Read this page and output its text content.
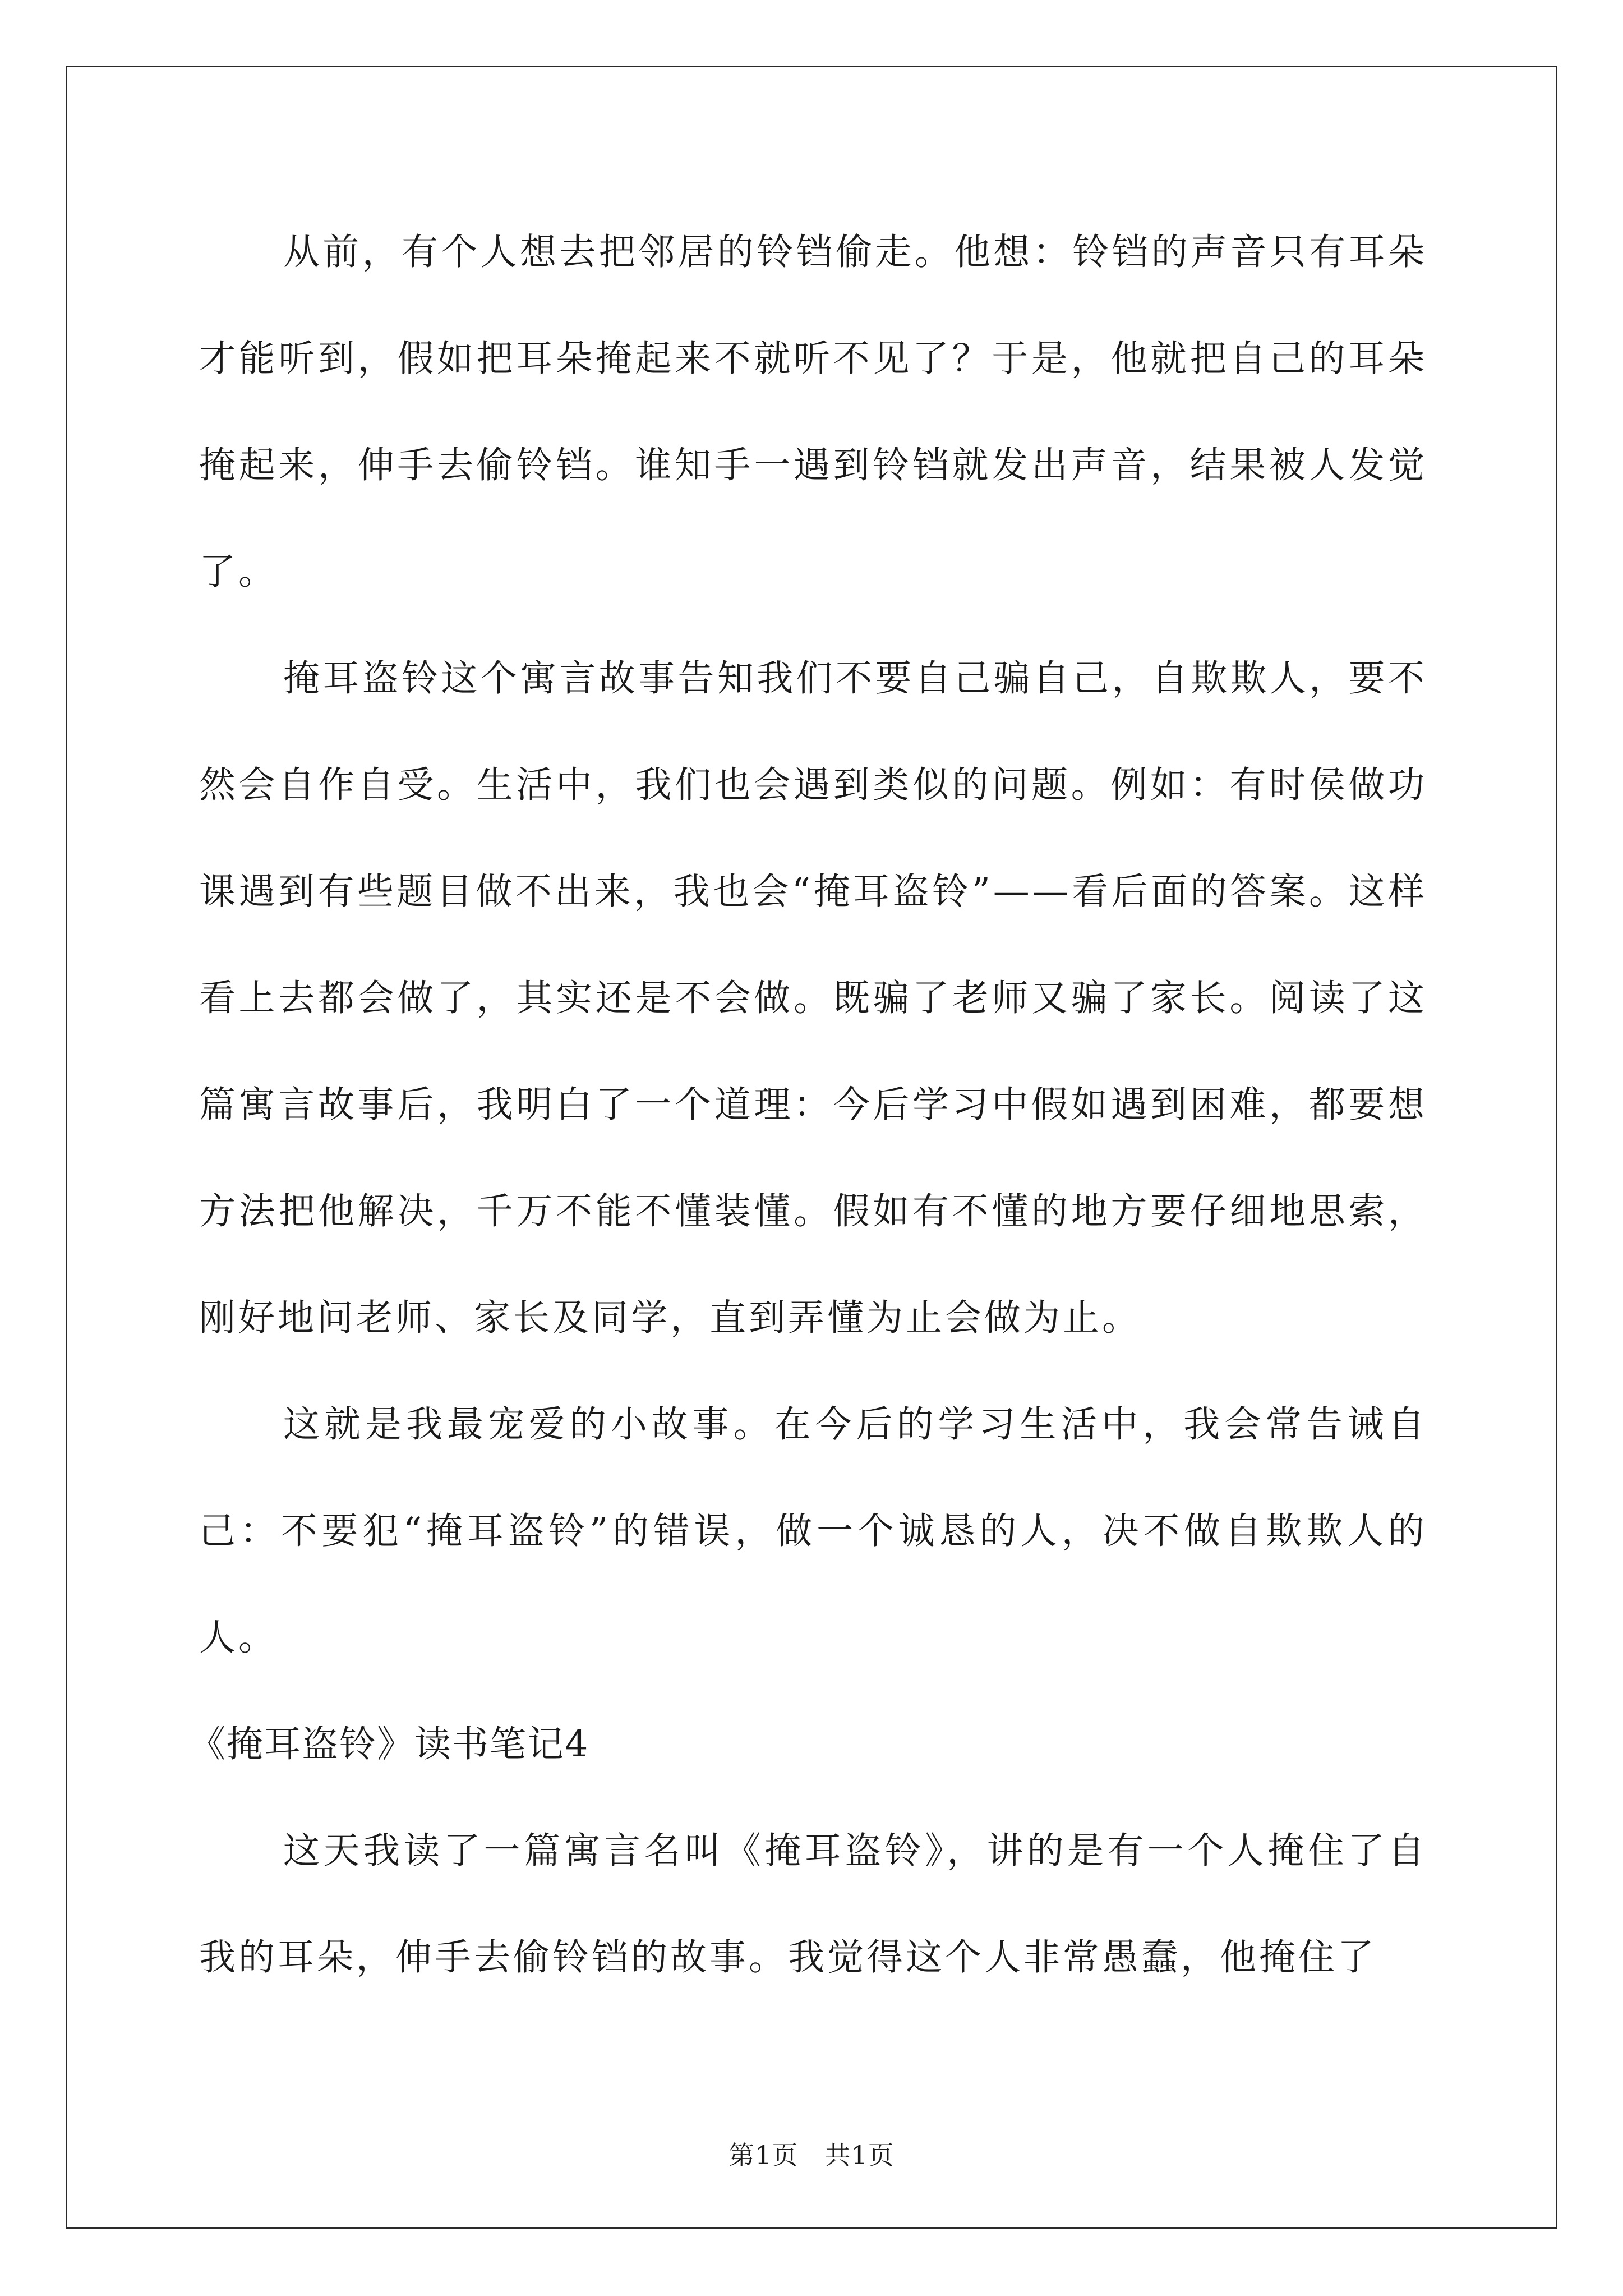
从前，有个人想去把邻居的铃铛偷走。他想：铃铛的声音只有耳朵才能听到，假如把耳朵掩起来不就听不见了？于是，他就把自己的耳朵掩起来，伸手去偷铃铛。谁知手一遇到铃铛就发出声音，结果被人发觉了。

掩耳盗铃这个寓言故事告知我们不要自己骗自己，自欺欺人，要不然会自作自受。生活中，我们也会遇到类似的问题。例如：有时侯做功课遇到有些题目做不出来，我也会“掩耳盗铃”——看后面的答案。这样看上去都会做了，其实还是不会做。既骗了老师又骗了家长。阅读了这篇寓言故事后，我明白了一个道理：今后学习中假如遇到困难，都要想方法把他解决，千万不能不懂装懂。假如有不懂的地方要仔细地思索，刚好地问老师、家长及同学，直到弄懂为止会做为止。

这就是我最宠爱的小故事。在今后的学习生活中，我会常告诫自己：不要犯“掩耳盗铃”的错误，做一个诚恳的人，决不做自欺欺人的人。

《掩耳盗铃》读书笔记4

这天我读了一篇寓言名叫《掩耳盗铃》，讲的是有一个人掩住了自我的耳朵，伸手去偷铃铛的故事。我觉得这个人非常愚蠢，他掩住了

第1页　共1页
